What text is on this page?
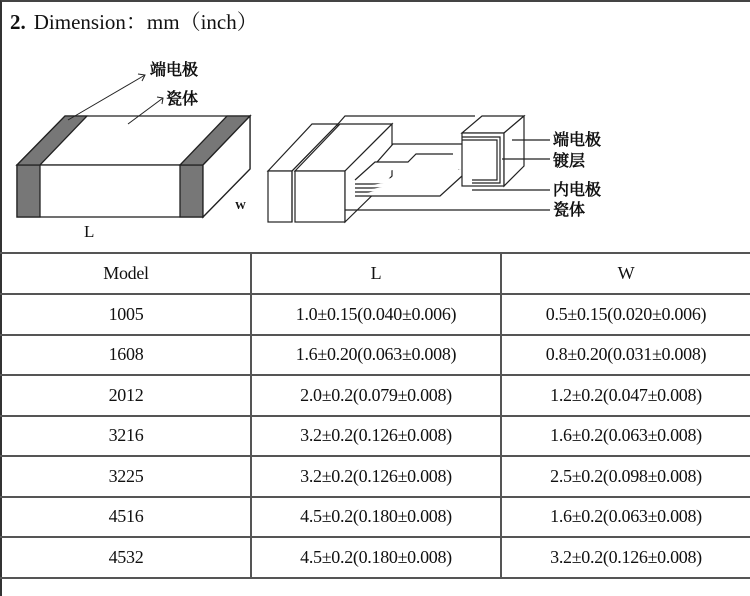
2. Dimension：mm（inch）
端电极
瓷体
L
W
端电极
镀层
内电极
瓷体
Model	L	W
1005	1.0±0.15(0.040±0.006)	0.5±0.15(0.020±0.006)
1608	1.6±0.20(0.063±0.008)	0.8±0.20(0.031±0.008)
2012	2.0±0.2(0.079±0.008)	1.2±0.2(0.047±0.008)
3216	3.2±0.2(0.126±0.008)	1.6±0.2(0.063±0.008)
3225	3.2±0.2(0.126±0.008)	2.5±0.2(0.098±0.008)
4516	4.5±0.2(0.180±0.008)	1.6±0.2(0.063±0.008)
4532	4.5±0.2(0.180±0.008)	3.2±0.2(0.126±0.008)
